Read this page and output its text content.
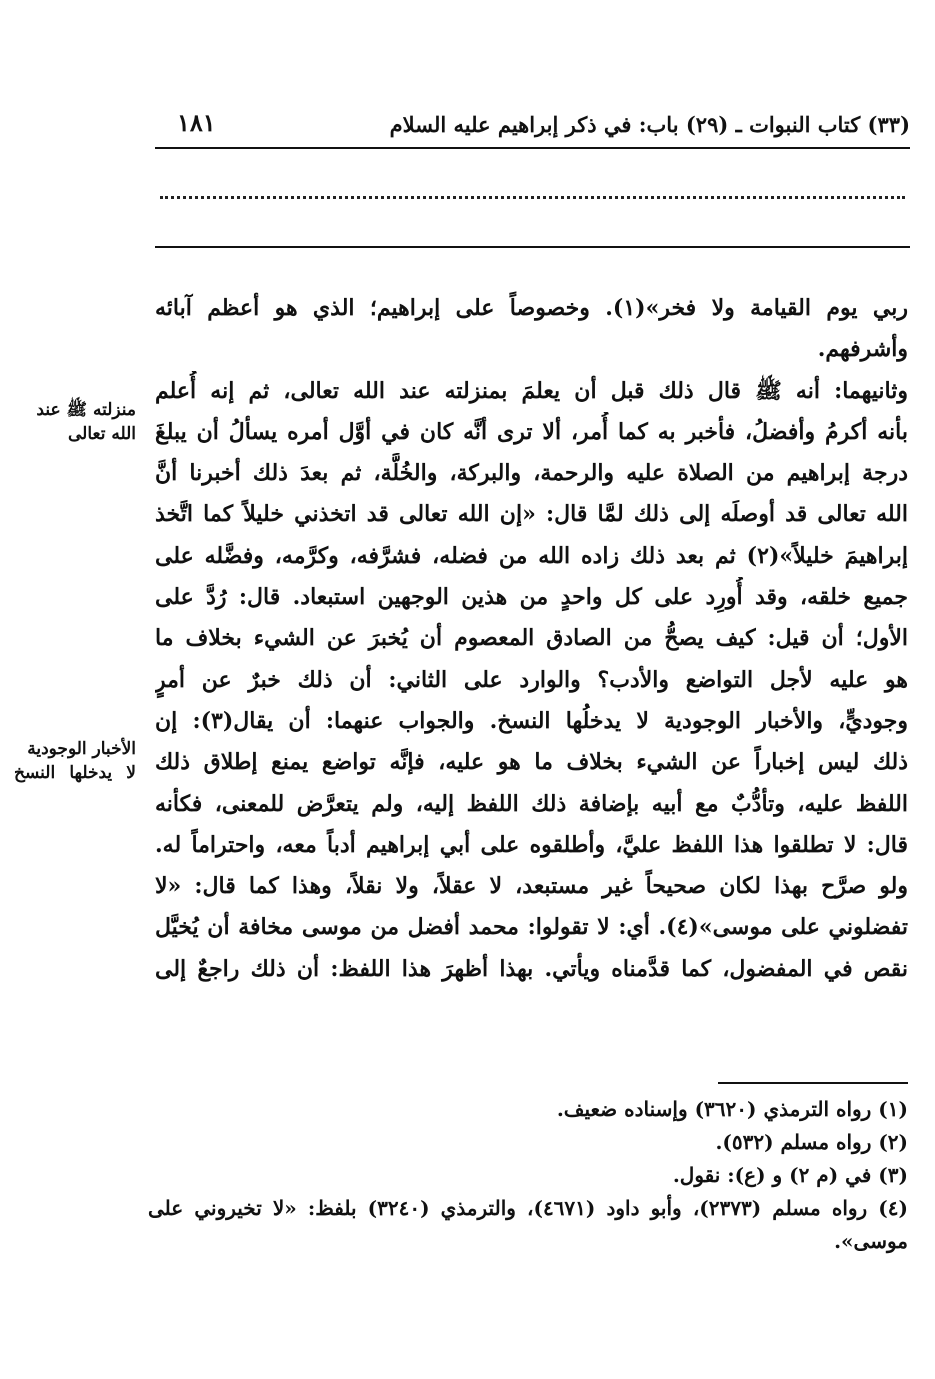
(٣٣) كتاب النبوات ـ (٢٩) باب: في ذكر إبراهيم عليه السلام
١٨١
ربي يوم القيامة ولا فخر»(١). وخصوصاً على إبراهيم؛ الذي هو أعظم آبائه
وأشرفهم.
وثانيهما: أنه ﷺ قال ذلك قبل أن يعلمَ بمنزلته عند الله تعالى، ثم إنه أُعلم
بأنه أكرمُ وأفضلُ، فأخبر به كما أُمر، ألا ترى أنَّه كان في أوَّل أمره يسألُ أن يبلغَ
درجة إبراهيم من الصلاة عليه والرحمة، والبركة، والخُلَّة، ثم بعدَ ذلك أخبرنا أنَّ
الله تعالى قد أوصلَه إلى ذلك لمَّا قال: «إن الله تعالى قد اتخذني خليلاً كما اتَّخذ
إبراهيمَ خليلاً»(٢) ثم بعد ذلك زاده الله من فضله، فشرَّفه، وكرَّمه، وفضَّله على
جميع خلقه، وقد أُورِد على كل واحدٍ من هذين الوجهين استبعاد. قال: رُدَّ على
الأول؛ أن قيل: كيف يصحُّ من الصادق المعصوم أن يُخبرَ عن الشيء بخلاف ما
هو عليه لأجل التواضع والأدب؟ والوارد على الثاني: أن ذلك خبرٌ عن أمرٍ
وجوديٍّ، والأخبار الوجودية لا يدخلُها النسخ. والجواب عنهما: أن يقال(٣): إن
ذلك ليس إخباراً عن الشيء بخلاف ما هو عليه، فإنَّه تواضع يمنع إطلاق ذلك
اللفظ عليه، وتأدُّبٌ مع أبيه بإضافة ذلك اللفظ إليه، ولم يتعرَّض للمعنى، فكأنه
قال: لا تطلقوا هذا اللفظ عليَّ، وأطلقوه على أبي إبراهيم أدباً معه، واحتراماً له.
ولو صرَّح بهذا لكان صحيحاً غير مستبعد، لا عقلاً، ولا نقلاً، وهذا كما قال: «لا
تفضلوني على موسى»(٤). أي: لا تقولوا: محمد أفضل من موسى مخافة أن يُخيَّل
نقص في المفضول، كما قدَّمناه ويأتي. بهذا أظهرَ هذا اللفظ: أن ذلك راجعٌ إلى
منزلته ﷺ عند الله تعالى
الأخبار الوجودية لا يدخلها النسخ
(١) رواه الترمذي (٣٦٢٠) وإسناده ضعيف.
(٢) رواه مسلم (٥٣٢).
(٣) في (م ٢) و (ع): نقول.
(٤) رواه مسلم (٢٣٧٣)، وأبو داود (٤٦٧١)، والترمذي (٣٢٤٠) بلفظ: «لا تخيروني على موسى».
